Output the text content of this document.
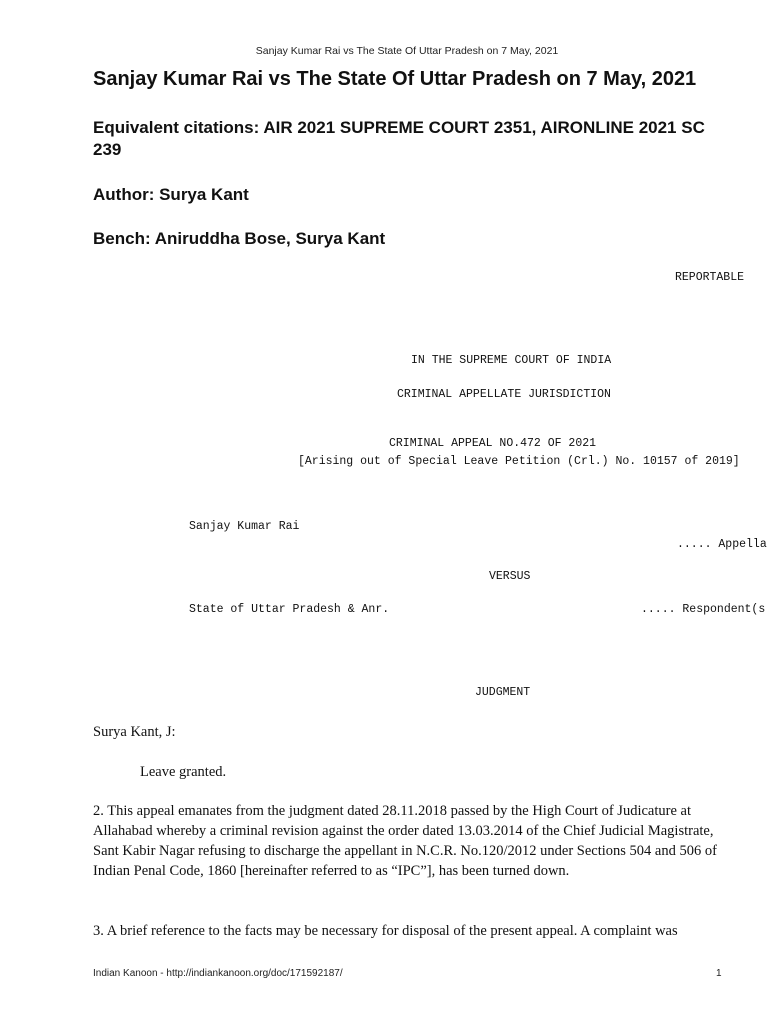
Sanjay Kumar Rai vs The State Of Uttar Pradesh on 7 May, 2021
Sanjay Kumar Rai vs The State Of Uttar Pradesh on 7 May, 2021
Equivalent citations: AIR 2021 SUPREME COURT 2351, AIRONLINE 2021 SC 239
Author: Surya Kant
Bench: Aniruddha Bose, Surya Kant
REPORTABLE
IN THE SUPREME COURT OF INDIA
CRIMINAL APPELLATE JURISDICTION
CRIMINAL APPEAL NO.472 OF 2021
[Arising out of Special Leave Petition (Crl.) No. 10157 of 2019]
Sanjay Kumar Rai
..... Appella
VERSUS
State of Uttar Pradesh & Anr.	..... Respondent(s
JUDGMENT
Surya Kant, J:
Leave granted.

2. This appeal emanates from the judgment dated 28.11.2018 passed by the High Court of Judicature at Allahabad whereby a criminal revision against the order dated 13.03.2014 of the Chief Judicial Magistrate, Sant Kabir Nagar refusing to discharge the appellant in N.C.R. No.120/2012 under Sections 504 and 506 of Indian Penal Code, 1860 [hereinafter referred to as “IPC”], has been turned down.

3. A brief reference to the facts may be necessary for disposal of the present appeal. A complaint was

Indian Kanoon - http://indiankanoon.org/doc/171592187/	1
